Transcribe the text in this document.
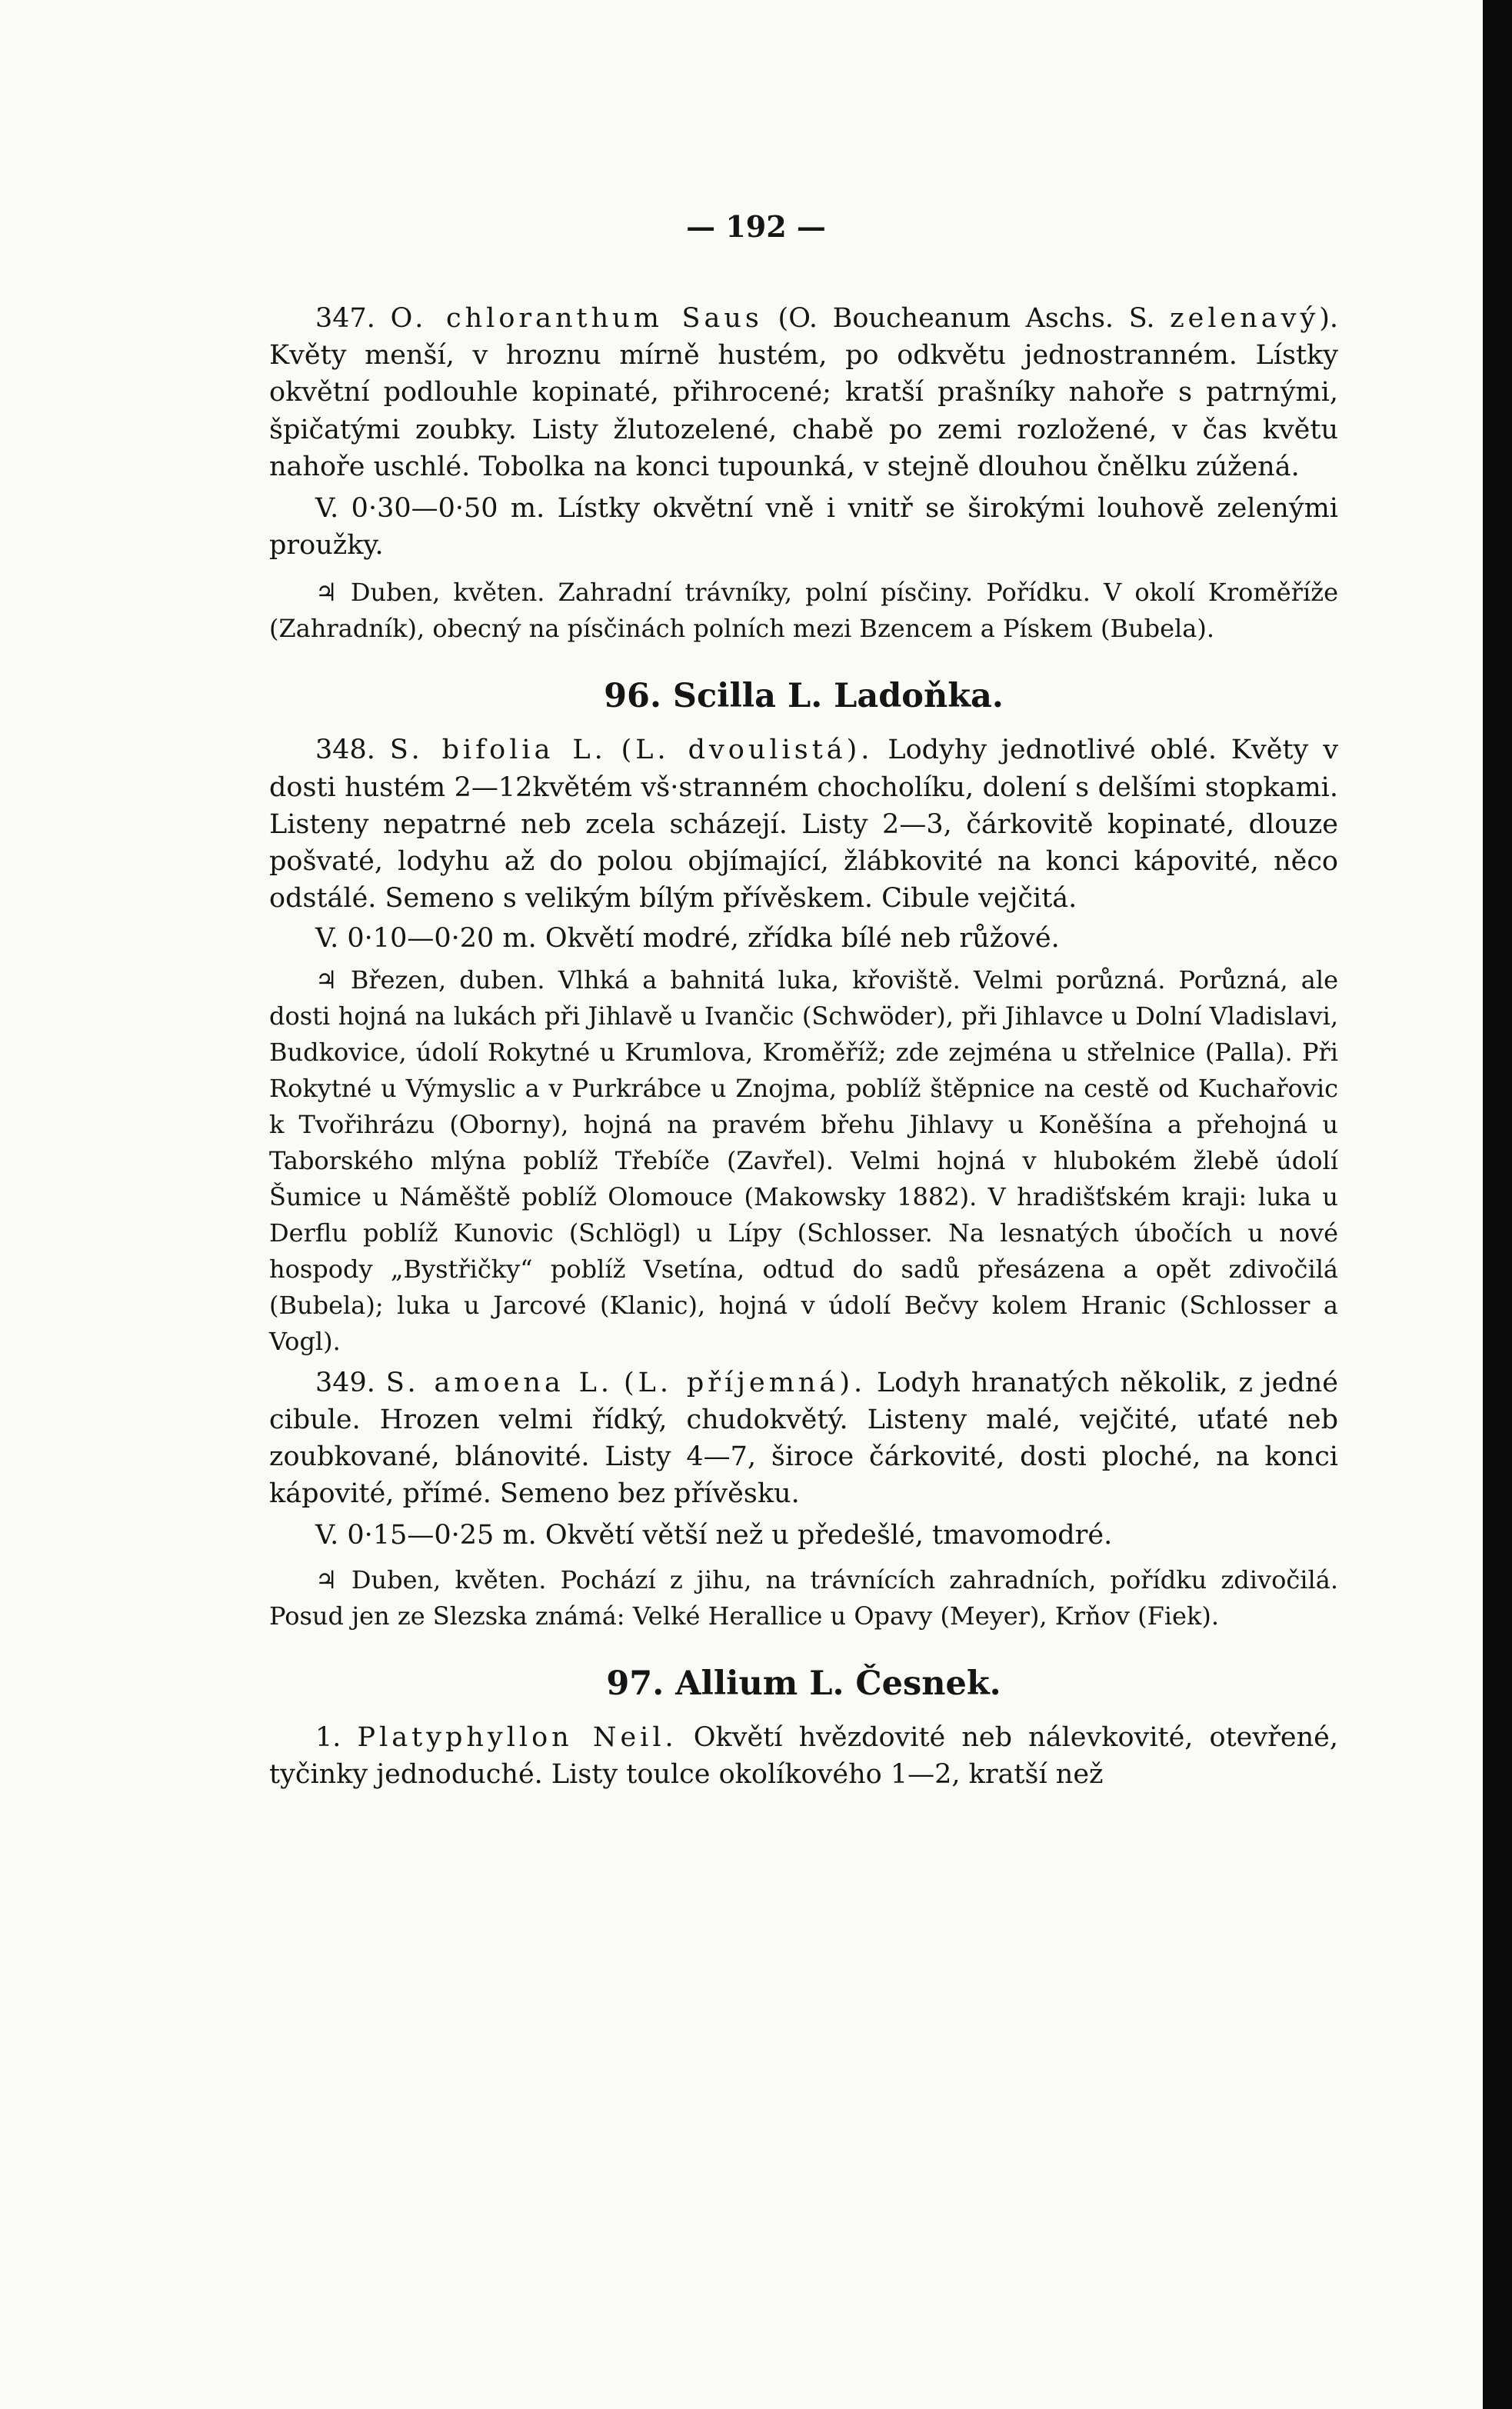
— 192 —

347. O. chloranthum Saus (O. Boucheanum Aschs. S. zelenavý). Květy menší, v hroznu mírně hustém, po odkvětu jednostranném. Lístky okvětní podlouhle kopinaté, přihrocené; kratší prašníky nahoře s patrnými, špičatými zoubky. Listy žlutozelené, chabě po zemi rozložené, v čas květu nahoře uschlé. Tobolka na konci tupounká, v stejně dlouhou čnělku zúžená.

V. 0·30—0·50 m. Lístky okvětní vně i vnitř se širokými louhově zelenými proužky.

♃ Duben, květen. Zahradní trávníky, polní písčiny. Pořídku. V okolí Kroměříže (Zahradník), obecný na písčinách polních mezi Bzencem a Pískem (Bubela).

96. Scilla L. Ladoňka.

348. S. bifolia L. (L. dvoulistá). Lodyhy jednotlivé oblé. Květy v dosti hustém 2—12květém vš·stranném chocholíku, dolení s delšími stopkami. Listeny nepatrné neb zcela scházejí. Listy 2—3, čárkovitě kopinaté, dlouze pošvaté, lodyhu až do polou objímající, žlábkovité na konci kápovité, něco odstálé. Semeno s velikým bílým přívěskem. Cibule vejčitá.

V. 0·10—0·20 m. Okvětí modré, zřídka bílé neb růžové.

♃ Březen, duben. Vlhká a bahnitá luka, křoviště. Velmi porůzná. Porůzná, ale dosti hojná na lukách při Jihlavě u Ivančic (Schwöder), při Jihlavce u Dolní Vladislavi, Budkovice, údolí Rokytné u Krumlova, Kroměříž; zde zejména u střelnice (Palla). Při Rokytné u Výmyslic a v Purkrábce u Znojma, poblíž štěpnice na cestě od Kuchařovic k Tvořihrázu (Oborny), hojná na pravém břehu Jihlavy u Koněšína a přehojná u Taborského mlýna poblíž Třebíče (Zavřel). Velmi hojná v hlubokém žlebě údolí Šumice u Náměště poblíž Olomouce (Makowsky 1882). V hradišťském kraji: luka u Derflu poblíž Kunovic (Schlögl) u Lípy (Schlosser. Na lesnatých úbočích u nové hospody „Bystřičky“ poblíž Vsetína, odtud do sadů přesázena a opět zdivočilá (Bubela); luka u Jarcové (Klanic), hojná v údolí Bečvy kolem Hranic (Schlosser a Vogl).

349. S. amoena L. (L. příjemná). Lodyh hranatých několik, z jedné cibule. Hrozen velmi řídký, chudokvětý. Listeny malé, vejčité, uťaté neb zoubkované, blánovité. Listy 4—7, široce čárkovité, dosti ploché, na konci kápovité, přímé. Semeno bez přívěsku.

V. 0·15—0·25 m. Okvětí větší než u předešlé, tmavomodré.

♃ Duben, květen. Pochází z jihu, na trávnících zahradních, pořídku zdivočilá. Posud jen ze Slezska známá: Velké Herallice u Opavy (Meyer), Krňov (Fiek).

97. Allium L. Česnek.

1. Platyphyllon Neil. Okvětí hvězdovité neb nálevkovité, otevřené, tyčinky jednoduché. Listy toulce okolíkového 1—2, kratší než
